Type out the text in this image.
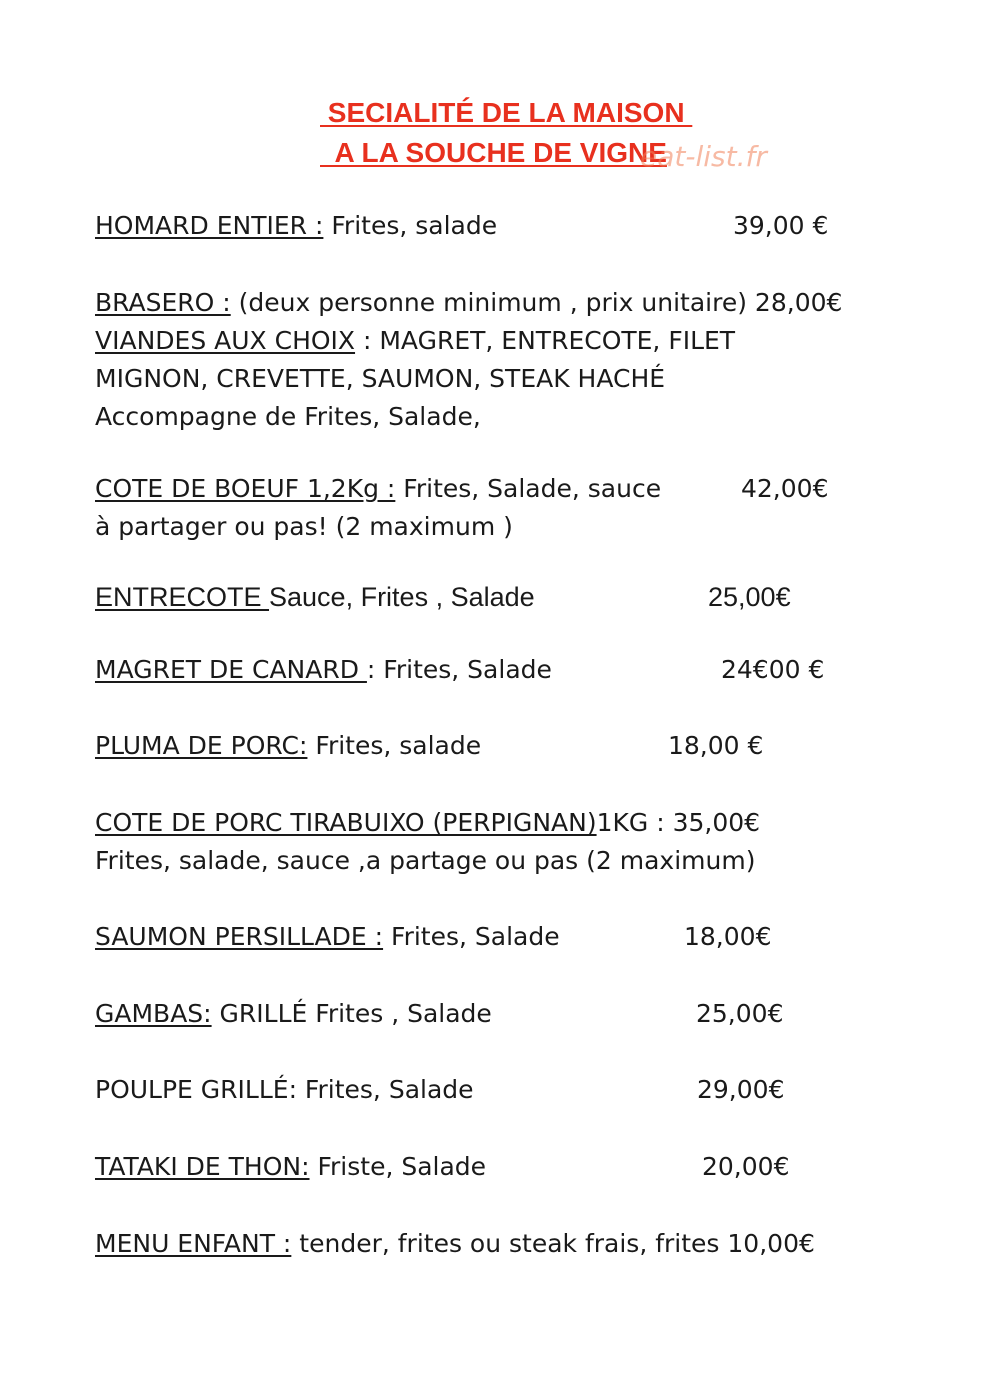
SECIALITÉ DE LA MAISON
A LA SOUCHE DE VIGNE
eat-list.fr
HOMARD ENTIER : Frites, salade	39,00 €
BRASERO : (deux personne minimum , prix unitaire) 28,00€
VIANDES AUX CHOIX : MAGRET, ENTRECOTE, FILET
MIGNON, CREVETTE, SAUMON, STEAK HACHÉ
Accompagne de Frites, Salade,
COTE DE BOEUF 1,2Kg : Frites, Salade, sauce	42,00€
à partager ou pas! (2 maximum )
ENTRECOTE Sauce, Frites , Salade	25,00€
MAGRET DE CANARD : Frites, Salade	24€00 €
PLUMA DE PORC: Frites, salade	18,00 €
COTE DE PORC TIRABUIXO (PERPIGNAN)1KG : 35,00€
Frites, salade, sauce ,a partage ou pas (2 maximum)
SAUMON PERSILLADE : Frites, Salade	18,00€
GAMBAS: GRILLÉ Frites , Salade	25,00€
POULPE GRILLÉ: Frites, Salade	29,00€
TATAKI DE THON: Friste, Salade	20,00€
MENU ENFANT : tender, frites ou steak frais, frites 10,00€
